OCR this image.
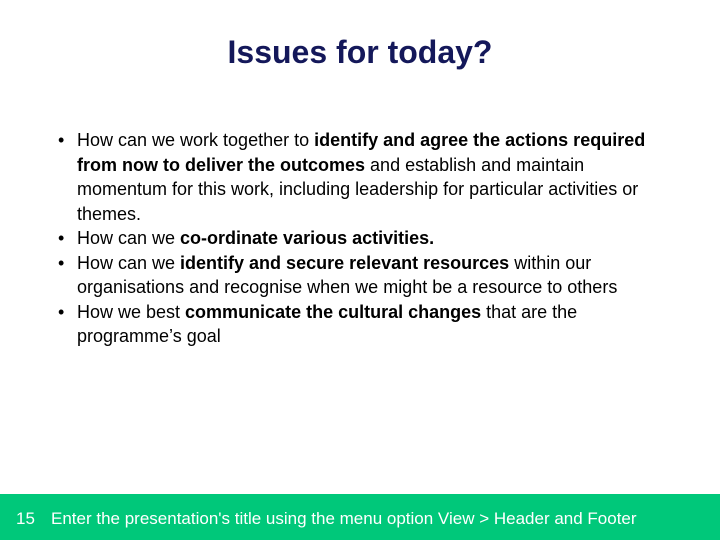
Issues for today?
• How can we work together to identify and agree the actions required from now to deliver the outcomes and establish and maintain momentum for this work, including leadership for particular activities or themes.
• How can we co-ordinate various activities.
• How can we identify and secure relevant resources within our organisations and recognise when we might be a resource to others
• How we best communicate the cultural changes that are the programme’s goal
15 Enter the presentation's title using the menu option View > Header and Footer
